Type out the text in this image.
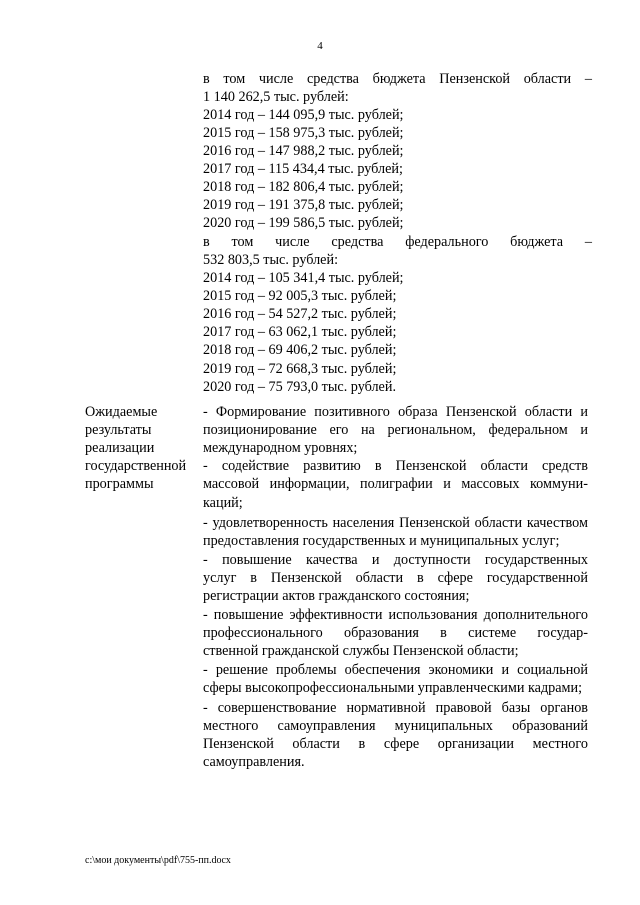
4
в том числе средства бюджета Пензенской области –
1 140 262,5 тыс. рублей:
2014 год – 144 095,9 тыс. рублей;
2015 год – 158 975,3 тыс. рублей;
2016 год – 147 988,2 тыс. рублей;
2017 год – 115 434,4 тыс. рублей;
2018 год – 182 806,4 тыс. рублей;
2019 год – 191 375,8 тыс. рублей;
2020 год – 199 586,5 тыс. рублей;
в том числе средства федерального бюджета –
532 803,5 тыс. рублей:
2014 год – 105 341,4 тыс. рублей;
2015 год – 92 005,3 тыс. рублей;
2016 год – 54 527,2 тыс. рублей;
2017 год – 63 062,1 тыс. рублей;
2018 год – 69 406,2 тыс. рублей;
2019 год – 72 668,3 тыс. рублей;
2020 год – 75 793,0 тыс. рублей.
Ожидаемые
результаты
реализации
государственной
программы
- Формирование позитивного образа Пензенской области и
позиционирование его на региональном, федеральном и
международном уровнях;
- содействие развитию в Пензенской области средств
массовой информации, полиграфии и массовых коммуни-
каций;
- удовлетворенность населения Пензенской области качеством
предоставления государственных и муниципальных услуг;
- повышение качества и доступности государственных
услуг в Пензенской области в сфере государственной
регистрации актов гражданского состояния;
- повышение эффективности использования дополнительного
профессионального образования в системе государ-
ственной гражданской службы Пензенской области;
- решение проблемы обеспечения экономики и социальной
сферы высокопрофессиональными управленческими кадрами;
- совершенствование нормативной правовой базы органов
местного самоуправления муниципальных образований
Пензенской области в сфере организации местного
самоуправления.
c:\мои документы\pdf\755-пп.docx
